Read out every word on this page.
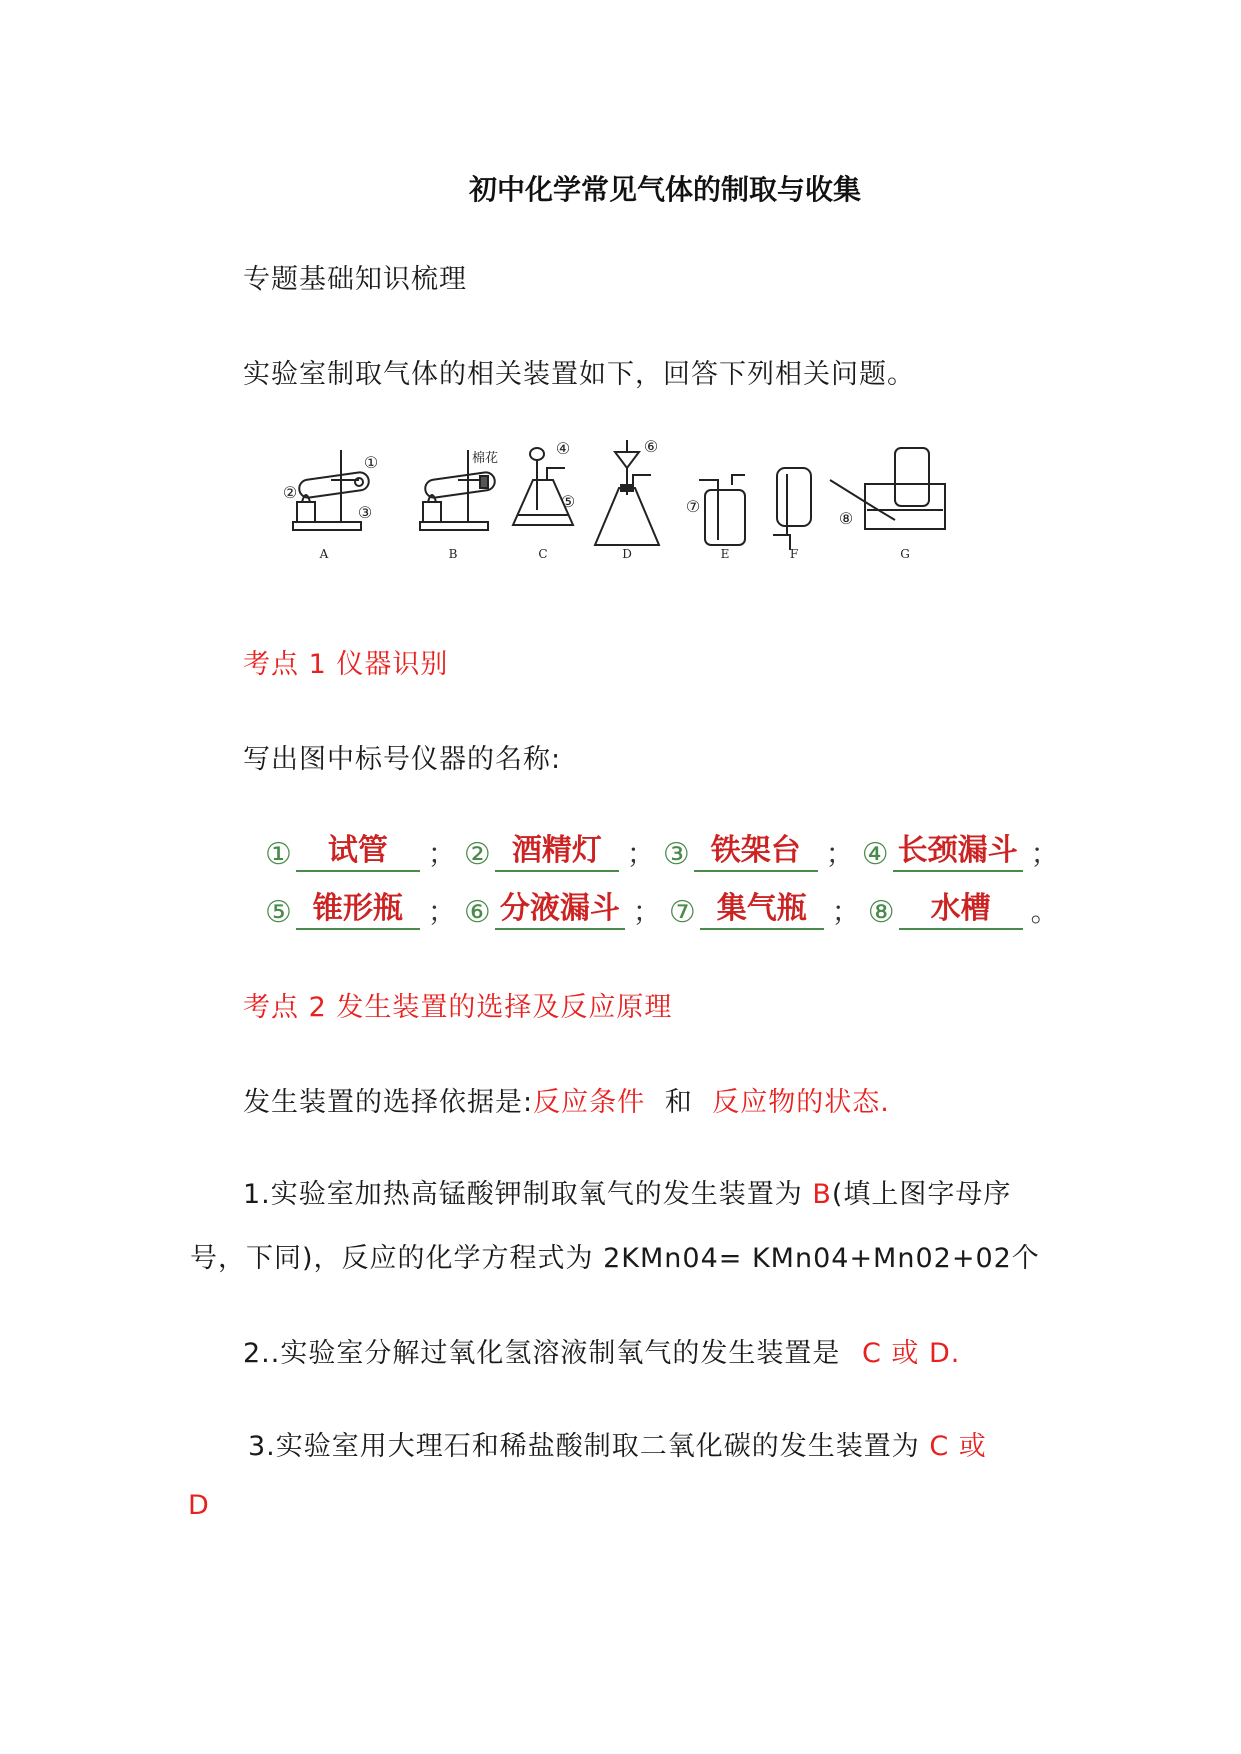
初中化学常见气体的制取与收集
专题基础知识梳理
实验室制取气体的相关装置如下，回答下列相关问题。
A	B	C	D	E	F	G
棉花
①
②
③
④
⑤
⑥
⑦
⑧
考点 1 仪器识别
写出图中标号仪器的名称:
①	试管	； ② 酒精灯 ； ③ 铁架台 ； ④ 长颈漏斗 ；
⑤ 锥形瓶 ； ⑥ 分液漏斗 ； ⑦ 集气瓶 ； ⑧	水槽	。
考点 2 发生装置的选择及反应原理
发生装置的选择依据是:反应条件 和 反应物的状态.
1.实验室加热高锰酸钾制取氧气的发生装置为 B(填上图字母序
号，下同)，反应的化学方程式为 2KMn04= KMn04+Mn02+02个
2..实验室分解过氧化氢溶液制氧气的发生装置是 C 或 D.
3.实验室用大理石和稀盐酸制取二氧化碳的发生装置为 C 或
D
